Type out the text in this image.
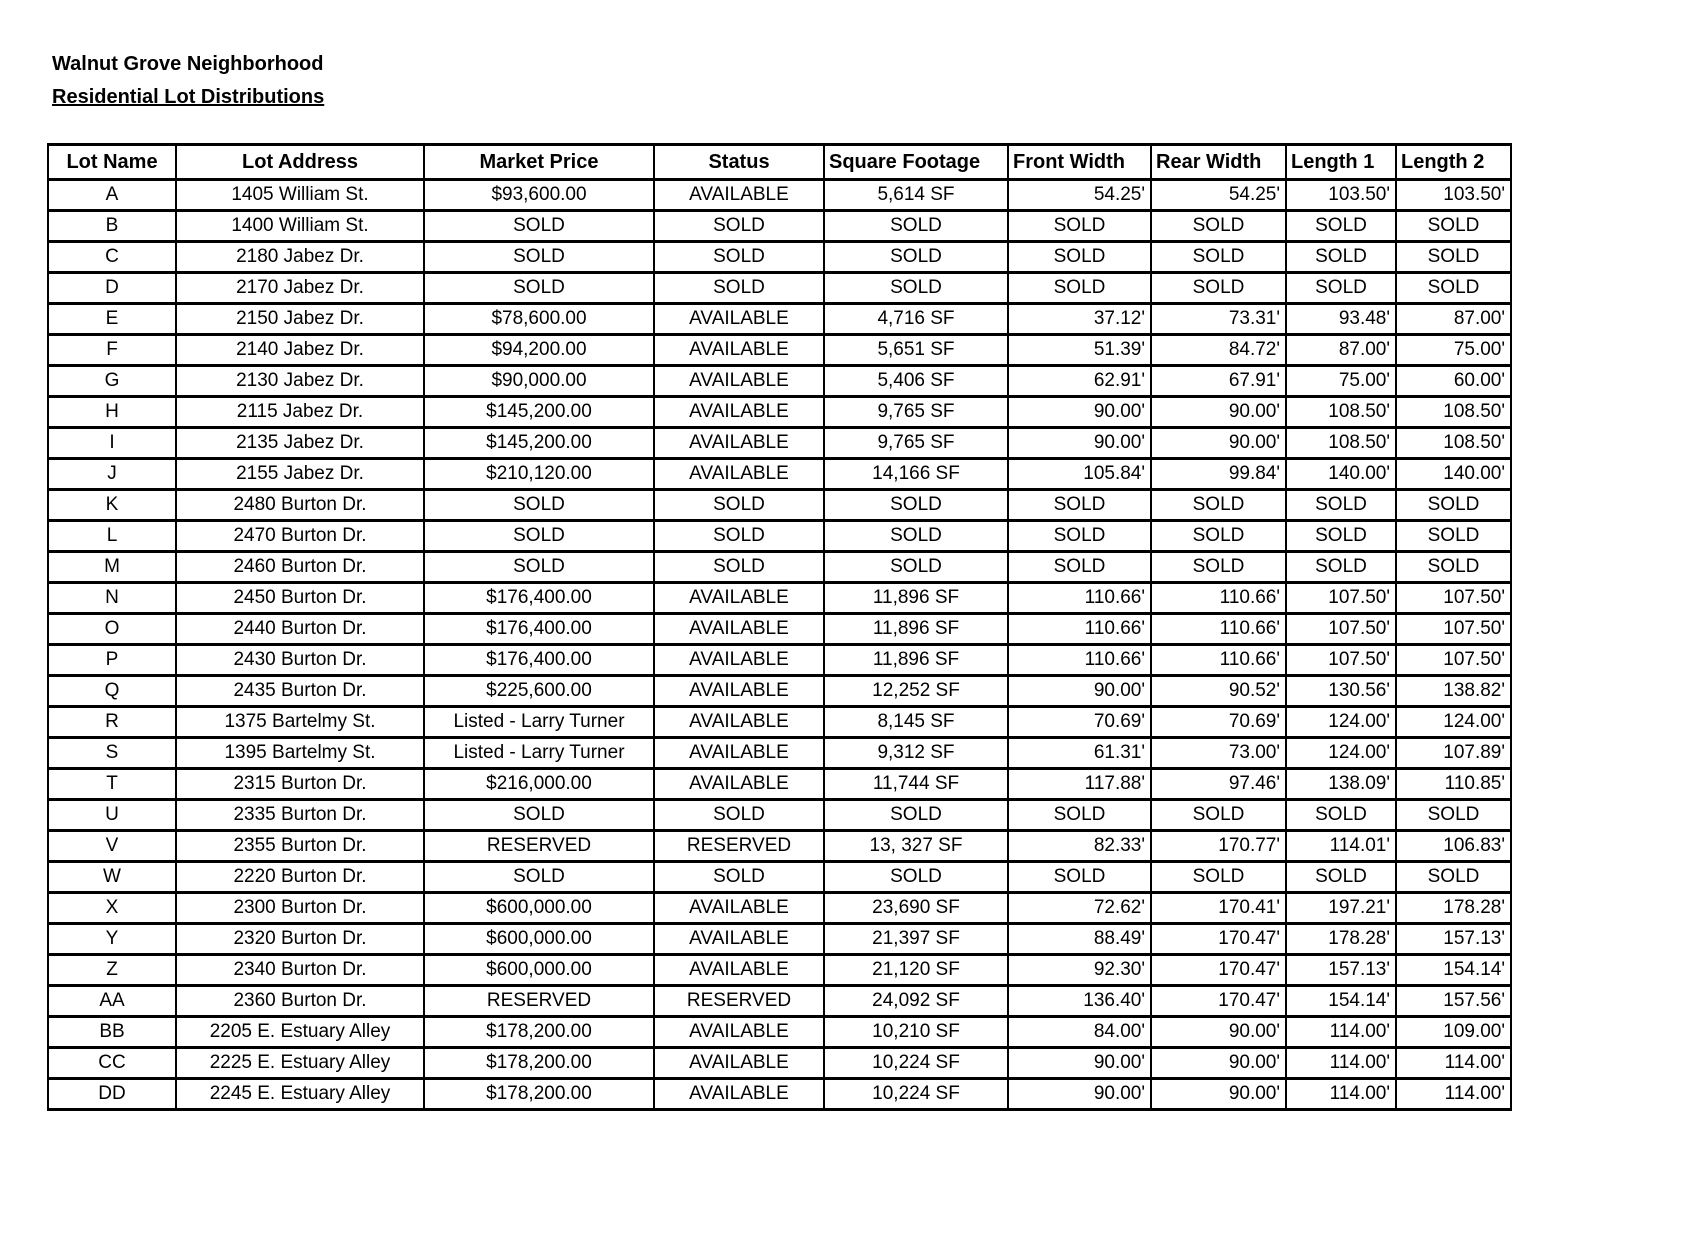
Walnut Grove Neighborhood
Residential Lot Distributions
Lot Name	Lot Address	Market Price	Status	Square Footage	Front Width	Rear Width	Length 1	Length 2
A	1405 William St.	$93,600.00	AVAILABLE	5,614 SF	54.25'	54.25'	103.50'	103.50'
B	1400 William St.	SOLD	SOLD	SOLD	SOLD	SOLD	SOLD	SOLD
C	2180 Jabez Dr.	SOLD	SOLD	SOLD	SOLD	SOLD	SOLD	SOLD
D	2170 Jabez Dr.	SOLD	SOLD	SOLD	SOLD	SOLD	SOLD	SOLD
E	2150 Jabez Dr.	$78,600.00	AVAILABLE	4,716 SF	37.12'	73.31'	93.48'	87.00'
F	2140 Jabez Dr.	$94,200.00	AVAILABLE	5,651 SF	51.39'	84.72'	87.00'	75.00'
G	2130 Jabez Dr.	$90,000.00	AVAILABLE	5,406 SF	62.91'	67.91'	75.00'	60.00'
H	2115 Jabez Dr.	$145,200.00	AVAILABLE	9,765 SF	90.00'	90.00'	108.50'	108.50'
I	2135 Jabez Dr.	$145,200.00	AVAILABLE	9,765 SF	90.00'	90.00'	108.50'	108.50'
J	2155 Jabez Dr.	$210,120.00	AVAILABLE	14,166 SF	105.84'	99.84'	140.00'	140.00'
K	2480 Burton Dr.	SOLD	SOLD	SOLD	SOLD	SOLD	SOLD	SOLD
L	2470 Burton Dr.	SOLD	SOLD	SOLD	SOLD	SOLD	SOLD	SOLD
M	2460 Burton Dr.	SOLD	SOLD	SOLD	SOLD	SOLD	SOLD	SOLD
N	2450 Burton Dr.	$176,400.00	AVAILABLE	11,896 SF	110.66'	110.66'	107.50'	107.50'
O	2440 Burton Dr.	$176,400.00	AVAILABLE	11,896 SF	110.66'	110.66'	107.50'	107.50'
P	2430 Burton Dr.	$176,400.00	AVAILABLE	11,896 SF	110.66'	110.66'	107.50'	107.50'
Q	2435 Burton Dr.	$225,600.00	AVAILABLE	12,252 SF	90.00'	90.52'	130.56'	138.82'
R	1375 Bartelmy St.	Listed - Larry Turner	AVAILABLE	8,145 SF	70.69'	70.69'	124.00'	124.00'
S	1395 Bartelmy St.	Listed - Larry Turner	AVAILABLE	9,312 SF	61.31'	73.00'	124.00'	107.89'
T	2315 Burton Dr.	$216,000.00	AVAILABLE	11,744 SF	117.88'	97.46'	138.09'	110.85'
U	2335 Burton Dr.	SOLD	SOLD	SOLD	SOLD	SOLD	SOLD	SOLD
V	2355 Burton Dr.	RESERVED	RESERVED	13, 327 SF	82.33'	170.77'	114.01'	106.83'
W	2220 Burton Dr.	SOLD	SOLD	SOLD	SOLD	SOLD	SOLD	SOLD
X	2300 Burton Dr.	$600,000.00	AVAILABLE	23,690 SF	72.62'	170.41'	197.21'	178.28'
Y	2320 Burton Dr.	$600,000.00	AVAILABLE	21,397 SF	88.49'	170.47'	178.28'	157.13'
Z	2340 Burton Dr.	$600,000.00	AVAILABLE	21,120 SF	92.30'	170.47'	157.13'	154.14'
AA	2360 Burton Dr.	RESERVED	RESERVED	24,092 SF	136.40'	170.47'	154.14'	157.56'
BB	2205 E. Estuary Alley	$178,200.00	AVAILABLE	10,210 SF	84.00'	90.00'	114.00'	109.00'
CC	2225 E. Estuary Alley	$178,200.00	AVAILABLE	10,224 SF	90.00'	90.00'	114.00'	114.00'
DD	2245 E. Estuary Alley	$178,200.00	AVAILABLE	10,224 SF	90.00'	90.00'	114.00'	114.00'
